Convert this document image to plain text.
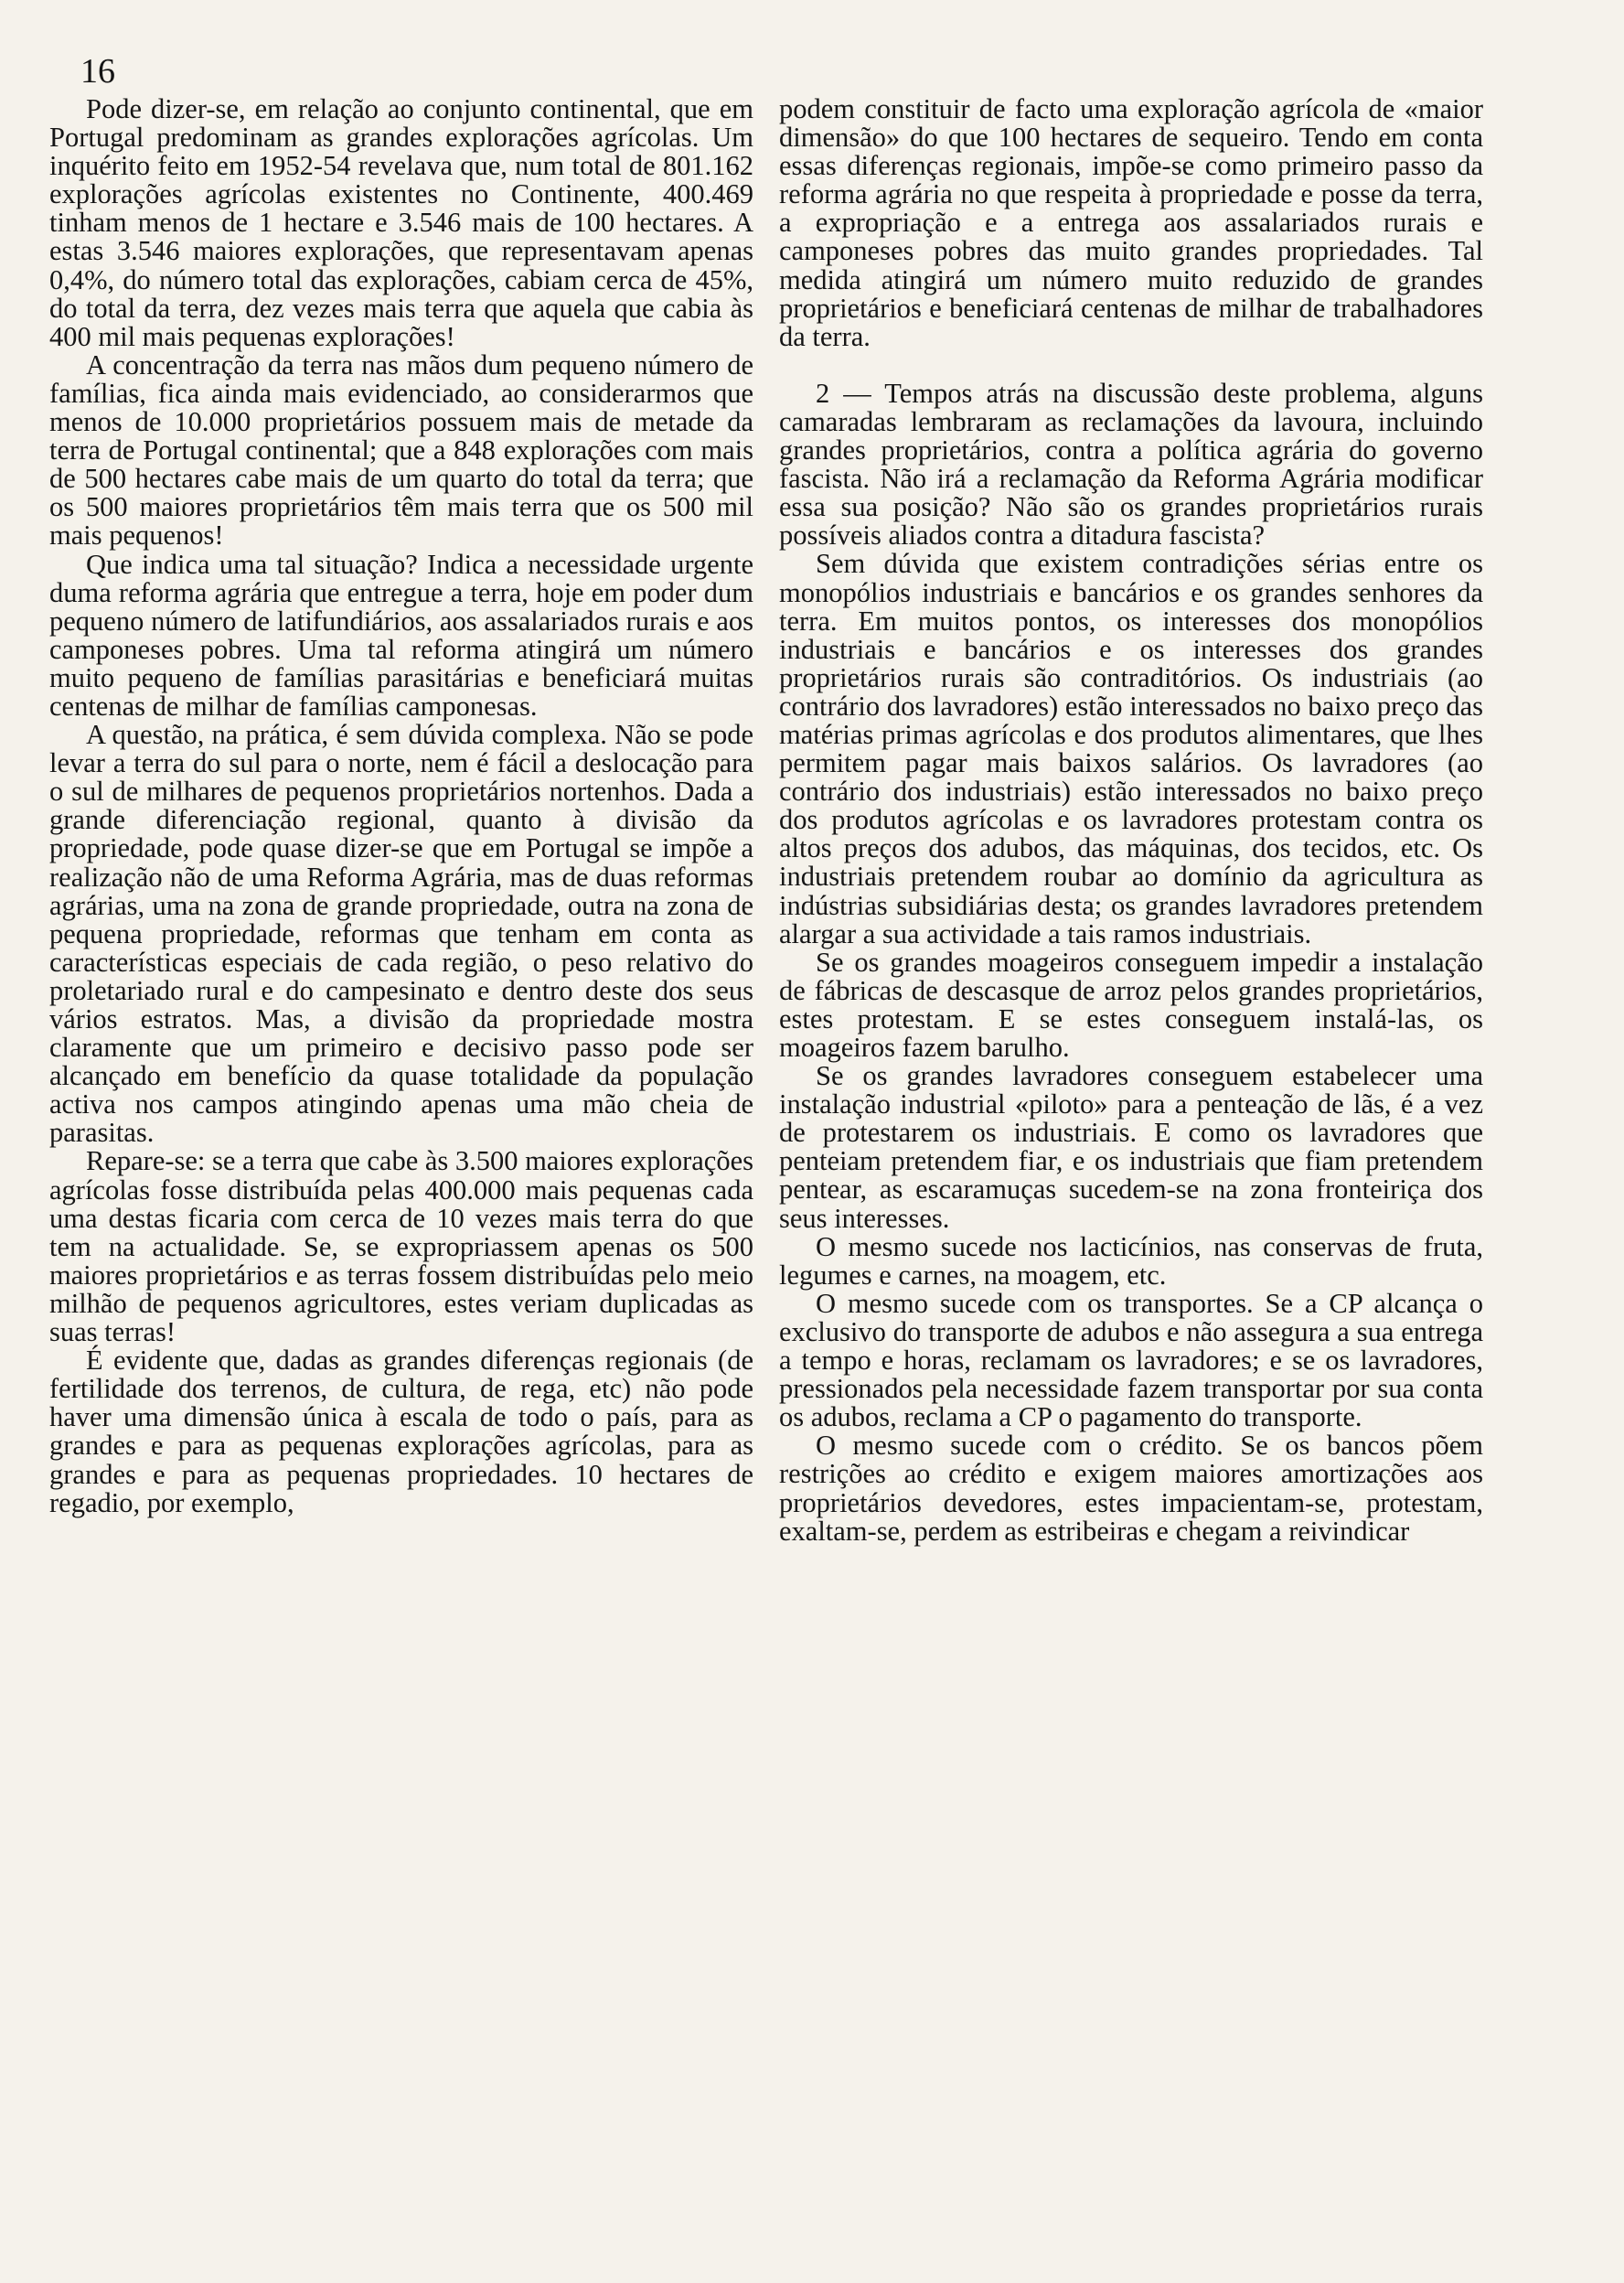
16

Pode dizer-se, em relação ao conjunto continental, que em Portugal predominam as grandes explorações agrícolas. Um inquérito feito em 1952-54 revelava que, num total de 801.162 explorações agrícolas existentes no Continente, 400.469 tinham menos de 1 hectare e 3.546 mais de 100 hectares. A estas 3.546 maiores explorações, que representavam apenas 0,4%, do número total das explorações, cabiam cerca de 45%, do total da terra, dez vezes mais terra que aquela que cabia às 400 mil mais pequenas explorações!

A concentração da terra nas mãos dum pequeno número de famílias, fica ainda mais evidenciado, ao considerarmos que menos de 10.000 proprietários possuem mais de metade da terra de Portugal continental; que a 848 explorações com mais de 500 hectares cabe mais de um quarto do total da terra; que os 500 maiores proprietários têm mais terra que os 500 mil mais pequenos!

Que indica uma tal situação? Indica a necessidade urgente duma reforma agrária que entregue a terra, hoje em poder dum pequeno número de latifundiários, aos assalariados rurais e aos camponeses pobres. Uma tal reforma atingirá um número muito pequeno de famílias parasitárias e beneficiará muitas centenas de milhar de famílias camponesas.

A questão, na prática, é sem dúvida complexa. Não se pode levar a terra do sul para o norte, nem é fácil a deslocação para o sul de milhares de pequenos proprietários nortenhos. Dada a grande diferenciação regional, quanto à divisão da propriedade, pode quase dizer-se que em Portugal se impõe a realização não de uma Reforma Agrária, mas de duas reformas agrárias, uma na zona de grande propriedade, outra na zona de pequena propriedade, reformas que tenham em conta as características especiais de cada região, o peso relativo do proletariado rural e do campesinato e dentro deste dos seus vários estratos. Mas, a divisão da propriedade mostra claramente que um primeiro e decisivo passo pode ser alcançado em benefício da quase totalidade da população activa nos campos atingindo apenas uma mão cheia de parasitas.

Repare-se: se a terra que cabe às 3.500 maiores explorações agrícolas fosse distribuída pelas 400.000 mais pequenas cada uma destas ficaria com cerca de 10 vezes mais terra do que tem na actualidade. Se, se expropriassem apenas os 500 maiores proprietários e as terras fossem distribuídas pelo meio milhão de pequenos agricultores, estes veriam duplicadas as suas terras!

É evidente que, dadas as grandes diferenças regionais (de fertilidade dos terrenos, de cultura, de rega, etc) não pode haver uma dimensão única à escala de todo o país, para as grandes e para as pequenas explorações agrícolas, para as grandes e para as pequenas propriedades. 10 hectares de regadio, por exemplo,

podem constituir de facto uma exploração agrícola de «maior dimensão» do que 100 hectares de sequeiro. Tendo em conta essas diferenças regionais, impõe-se como primeiro passo da reforma agrária no que respeita à propriedade e posse da terra, a expropriação e a entrega aos assalariados rurais e camponeses pobres das muito grandes propriedades. Tal medida atingirá um número muito reduzido de grandes proprietários e beneficiará centenas de milhar de trabalhadores da terra.

2 — Tempos atrás na discussão deste problema, alguns camaradas lembraram as reclamações da lavoura, incluindo grandes proprietários, contra a política agrária do governo fascista. Não irá a reclamação da Reforma Agrária modificar essa sua posição? Não são os grandes proprietários rurais possíveis aliados contra a ditadura fascista?

Sem dúvida que existem contradições sérias entre os monopólios industriais e bancários e os grandes senhores da terra. Em muitos pontos, os interesses dos monopólios industriais e bancários e os interesses dos grandes proprietários rurais são contraditórios. Os industriais (ao contrário dos lavradores) estão interessados no baixo preço das matérias primas agrícolas e dos produtos alimentares, que lhes permitem pagar mais baixos salários. Os lavradores (ao contrário dos industriais) estão interessados no baixo preço dos produtos agrícolas e os lavradores protestam contra os altos preços dos adubos, das máquinas, dos tecidos, etc. Os industriais pretendem roubar ao domínio da agricultura as indústrias subsidiárias desta; os grandes lavradores pretendem alargar a sua actividade a tais ramos industriais.

Se os grandes moageiros conseguem impedir a instalação de fábricas de descasque de arroz pelos grandes proprietários, estes protestam. E se estes conseguem instalá-las, os moageiros fazem barulho.

Se os grandes lavradores conseguem estabelecer uma instalação industrial «piloto» para a penteação de lãs, é a vez de protestarem os industriais. E como os lavradores que penteiam pretendem fiar, e os industriais que fiam pretendem pentear, as escaramuças sucedem-se na zona fronteiriça dos seus interesses.

O mesmo sucede nos lacticínios, nas conservas de fruta, legumes e carnes, na moagem, etc.

O mesmo sucede com os transportes. Se a CP alcança o exclusivo do transporte de adubos e não assegura a sua entrega a tempo e horas, reclamam os lavradores; e se os lavradores, pressionados pela necessidade fazem transportar por sua conta os adubos, reclama a CP o pagamento do transporte.

O mesmo sucede com o crédito. Se os bancos põem restrições ao crédito e exigem maiores amortizações aos proprietários devedores, estes impacientam-se, protestam, exaltam-se, perdem as estribeiras e chegam a reivindicar
